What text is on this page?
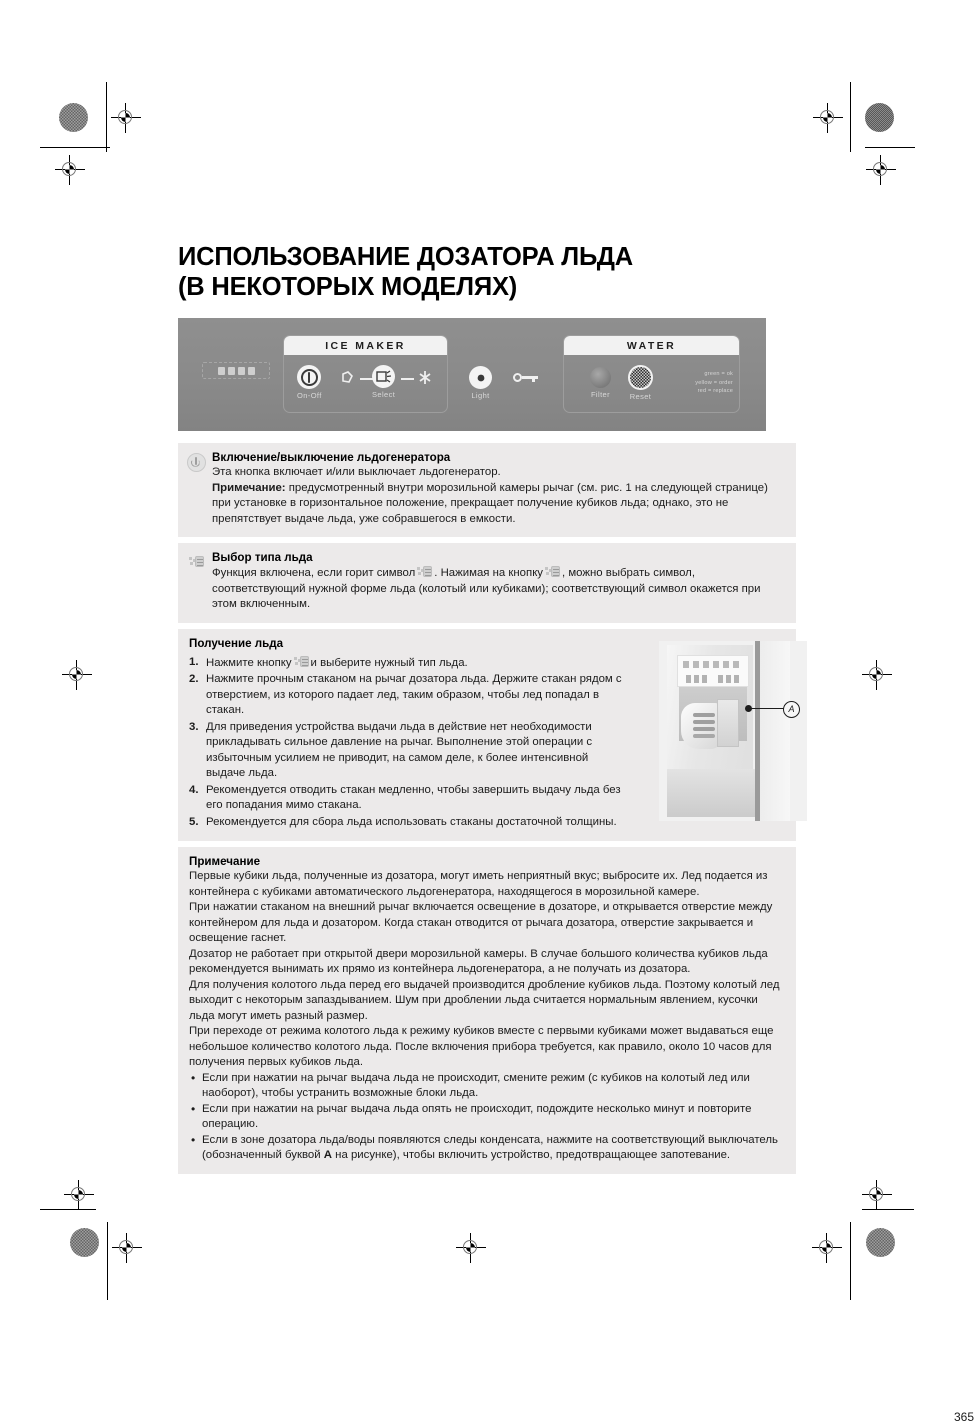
ИСПОЛЬЗОВАНИЕ ДОЗАТОРА ЛЬДА
(В НЕКОТОРЫХ МОДЕЛЯХ)
ICE MAKER
On-Off	Select	Light
WATER
Filter	Reset
green = ok
yellow = order
red = replace
Включение/выключение льдогенератора

Эта кнопка включает и/или выключает льдогенератор.

Примечание: предусмотренный внутри морозильной камеры рычаг (см. рис. 1 на следующей странице) при установке в горизонтальное положение, прекращает получение кубиков льда; однако, это не препятствует выдаче льда, уже собравшегося в емкости.

Выбор типа льда

Функция включена, если горит символ . Нажимая на кнопку , можно выбрать символ, соответствующий нужной форме льда (колотый или кубиками); соответствующий символ окажется при этом включенным.

Получение льда
1. Нажмите кнопку и выберите нужный тип льда.
2. Нажмите прочным стаканом на рычаг дозатора льда. Держите стакан рядом с отверстием, из которого падает лед, таким образом, чтобы лед попадал в стакан.
3. Для приведения устройства выдачи льда в действие нет необходимости прикладывать сильное давление на рычаг. Выполнение этой операции с избыточным усилием не приводит, на самом деле, к более интенсивной выдаче льда.
4. Рекомендуется отводить стакан медленно, чтобы завершить выдачу льда без его попадания мимо стакана.
5. Рекомендуется для сбора льда использовать стаканы достаточной толщины.
A
Примечание

Первые кубики льда, полученные из дозатора, могут иметь неприятный вкус; выбросите их. Лед подается из контейнера с кубиками автоматического льдогенератора, находящегося в морозильной камере.

При нажатии стаканом на внешний рычаг включается освещение в дозаторе, и открывается отверстие между контейнером для льда и дозатором. Когда стакан отводится от рычага дозатора, отверстие закрывается и освещение гаснет.

Дозатор не работает при открытой двери морозильной камеры. В случае большого количества кубиков льда рекомендуется вынимать их прямо из контейнера льдогенератора, а не получать из дозатора.

Для получения колотого льда перед его выдачей производится дробление кубиков льда. Поэтому колотый лед выходит с некоторым запаздыванием. Шум при дроблении льда считается нормальным явлением, кусочки льда могут иметь разный размер.

При переходе от режима колотого льда к режиму кубиков вместе с первыми кубиками может выдаваться еще небольшое количество колотого льда. После включения прибора требуется, как правило, около 10 часов для получения первых кубиков льда.

• Если при нажатии на рычаг выдача льда не происходит, смените режим (с кубиков на колотый лед или наоборот), чтобы устранить возможные блоки льда.
• Если при нажатии на рычаг выдача льда опять не происходит, подождите несколько минут и повторите операцию.
• Если в зоне дозатора льда/воды появляются следы конденсата, нажмите на соответствующий выключатель (обозначенный буквой A на рисунке), чтобы включить устройство, предотвращающее запотевание.
365
